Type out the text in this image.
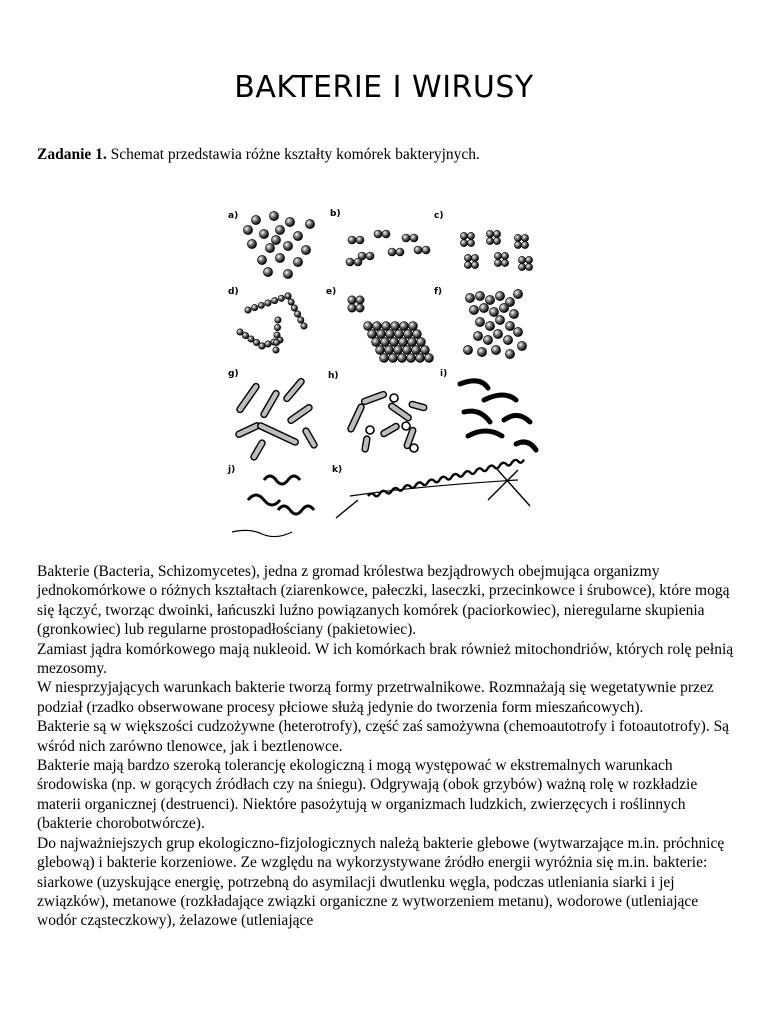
BAKTERIE I WIRUSY
Zadanie 1. Schemat przedstawia różne kształty komórek bakteryjnych.
a)	b)	c)
d)	e)	f)
g)	h)	i)
j)	k)

Bakterie (Bacteria, Schizomycetes), jedna z gromad królestwa bezjądrowych obejmująca organizmy jednokomórkowe o różnych kształtach (ziarenkowce, pałeczki, laseczki, przecinkowce i śrubowce), które mogą się łączyć, tworząc dwoinki, łańcuszki luźno powiązanych komórek (paciorkowiec), nieregularne skupienia (gronkowiec) lub regularne prostopadłościany (pakietowiec).

Zamiast jądra komórkowego mają nukleoid. W ich komórkach brak również mitochondriów, których rolę pełnią mezosomy.

W niesprzyjających warunkach bakterie tworzą formy przetrwalnikowe. Rozmnażają się wegetatywnie przez podział (rzadko obserwowane procesy płciowe służą jedynie do tworzenia form mieszańcowych).

Bakterie są w większości cudzożywne (heterotrofy), część zaś samożywna (chemoautotrofy i fotoautotrofy). Są wśród nich zarówno tlenowce, jak i beztlenowce.

Bakterie mają bardzo szeroką tolerancję ekologiczną i mogą występować w ekstremalnych warunkach środowiska (np. w gorących źródłach czy na śniegu). Odgrywają (obok grzybów) ważną rolę w rozkładzie materii organicznej (destruenci). Niektóre pasożytują w organizmach ludzkich, zwierzęcych i roślinnych (bakterie chorobotwórcze).

Do najważniejszych grup ekologiczno-fizjologicznych należą bakterie glebowe (wytwarzające m.in. próchnicę glebową) i bakterie korzeniowe. Ze względu na wykorzystywane źródło energii wyróżnia się m.in. bakterie: siarkowe (uzyskujące energię, potrzebną do asymilacji dwutlenku węgla, podczas utleniania siarki i jej związków), metanowe (rozkładające związki organiczne z wytworzeniem metanu), wodorowe (utleniające wodór cząsteczkowy), żelazowe (utleniające
